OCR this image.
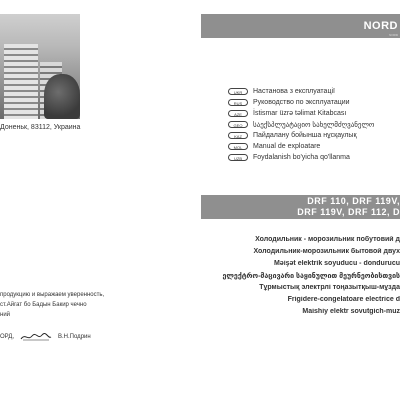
Доненьк, 83112, Украина
продукцию и выражаем уверенность,
ст.Айгат бо Бадын Бакир чечно
ний
ОРД,	В.Н.Подрин
NORD
NORD
UKR	Настанова з експлуатації
RUS	Руководство по эксплуатации
AZE	İstismar üzrə təlimat Kitabcası
GEO	საექსპლუატაციო სახელმძღვანელო
KAZ	Пайдалану бойынша нұсқаулық
MOL	Manual de exploatare
UZB	Foydalanish bo'yicha qo'llanma
DRF 110, DRF 119V,
DRF 119V, DRF 112, D
Холодильник - морозильник побутовий д
Холодильник-морозильник бытовой двух
Məişət elektrik soyuducu - dondurucu
ელექტრო-მაცივარი საყინულით მეურნეობისთვის
Тұрмыстық электрлі тоңазытқыш-мұзда
Frigidere-congelatoare electrice d
Maishiy elektr sovutgich-muz
